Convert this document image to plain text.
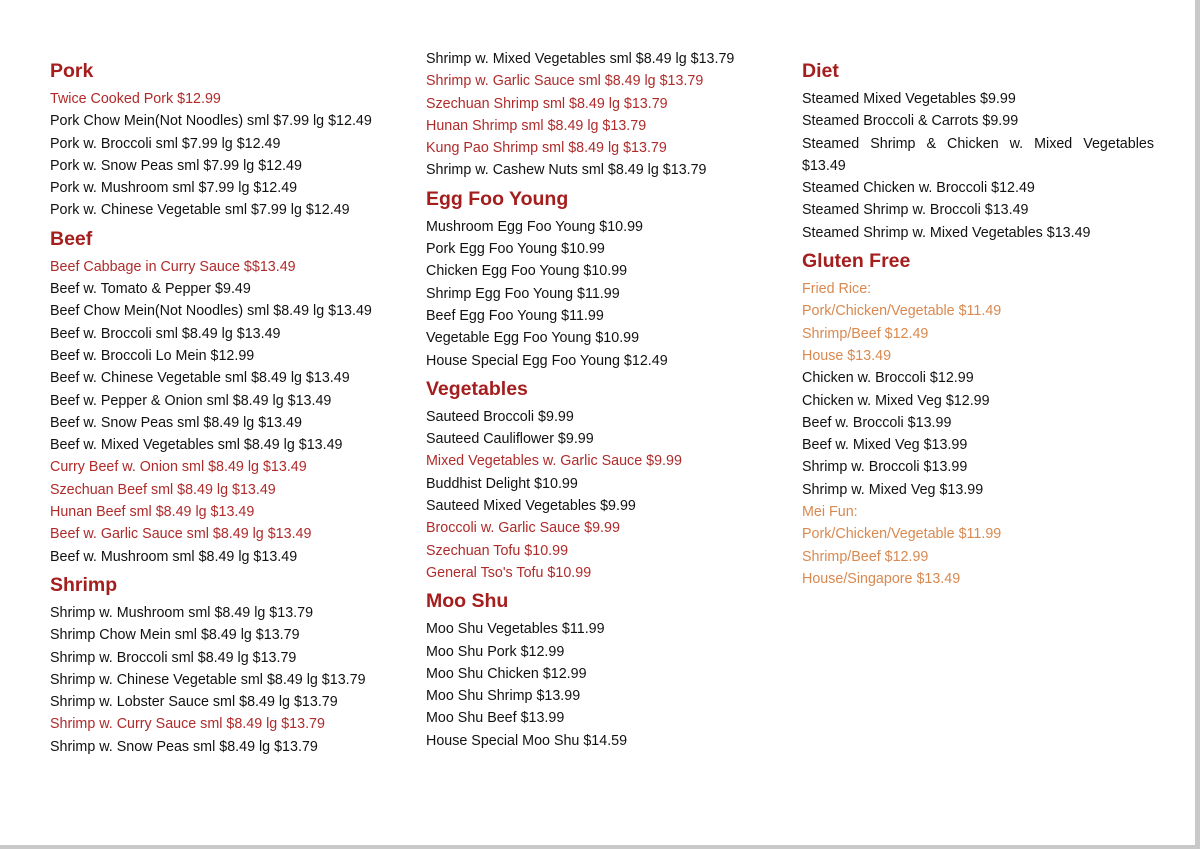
Pork
Twice Cooked Pork $12.99
Pork Chow Mein(Not Noodles) sml $7.99 lg $12.49
Pork w. Broccoli sml $7.99 lg $12.49
Pork w. Snow Peas sml $7.99 lg $12.49
Pork w. Mushroom sml $7.99 lg $12.49
Pork w. Chinese Vegetable sml $7.99 lg $12.49
Beef
Beef Cabbage in Curry Sauce $$13.49
Beef w. Tomato & Pepper $9.49
Beef Chow Mein(Not Noodles) sml $8.49 lg $13.49
Beef w. Broccoli sml $8.49 lg $13.49
Beef w. Broccoli Lo Mein $12.99
Beef w. Chinese Vegetable sml $8.49 lg $13.49
Beef w. Pepper & Onion sml $8.49 lg $13.49
Beef w. Snow Peas sml $8.49 lg $13.49
Beef w. Mixed Vegetables sml $8.49 lg $13.49
Curry Beef w. Onion sml $8.49 lg $13.49
Szechuan Beef sml $8.49 lg $13.49
Hunan Beef sml $8.49 lg $13.49
Beef w. Garlic Sauce sml $8.49 lg $13.49
Beef w. Mushroom sml $8.49 lg $13.49
Shrimp
Shrimp w. Mushroom sml $8.49 lg $13.79
Shrimp Chow Mein sml $8.49 lg $13.79
Shrimp w. Broccoli sml $8.49 lg $13.79
Shrimp w. Chinese Vegetable sml $8.49 lg $13.79
Shrimp w. Lobster Sauce sml $8.49 lg $13.79
Shrimp w. Curry Sauce sml $8.49 lg $13.79
Shrimp w. Snow Peas sml $8.49 lg $13.79
Shrimp w. Mixed Vegetables sml $8.49 lg $13.79
Shrimp w. Garlic Sauce sml $8.49 lg $13.79
Szechuan Shrimp sml $8.49 lg $13.79
Hunan Shrimp sml $8.49 lg $13.79
Kung Pao Shrimp sml $8.49 lg $13.79
Shrimp w. Cashew Nuts sml $8.49 lg $13.79
Egg Foo Young
Mushroom Egg Foo Young $10.99
Pork Egg Foo Young $10.99
Chicken Egg Foo Young $10.99
Shrimp Egg Foo Young $11.99
Beef Egg Foo Young $11.99
Vegetable Egg Foo Young $10.99
House Special Egg Foo Young $12.49
Vegetables
Sauteed Broccoli $9.99
Sauteed Cauliflower $9.99
Mixed Vegetables w. Garlic Sauce $9.99
Buddhist Delight $10.99
Sauteed Mixed Vegetables $9.99
Broccoli w. Garlic Sauce $9.99
Szechuan Tofu $10.99
General Tso's Tofu $10.99
Moo Shu
Moo Shu Vegetables $11.99
Moo Shu Pork $12.99
Moo Shu Chicken $12.99
Moo Shu Shrimp $13.99
Moo Shu Beef $13.99
House Special Moo Shu $14.59
Diet
Steamed Mixed Vegetables $9.99
Steamed Broccoli & Carrots $9.99
Steamed Shrimp & Chicken w. Mixed Vegetables $13.49
Steamed Chicken w. Broccoli $12.49
Steamed Shrimp w. Broccoli $13.49
Steamed Shrimp w. Mixed Vegetables $13.49
Gluten Free
Fried Rice:
Pork/Chicken/Vegetable $11.49
Shrimp/Beef $12.49
House $13.49
Chicken w. Broccoli $12.99
Chicken w. Mixed Veg $12.99
Beef w. Broccoli $13.99
Beef w. Mixed Veg $13.99
Shrimp w. Broccoli $13.99
Shrimp w. Mixed Veg $13.99
Mei Fun:
Pork/Chicken/Vegetable $11.99
Shrimp/Beef $12.99
House/Singapore $13.49
